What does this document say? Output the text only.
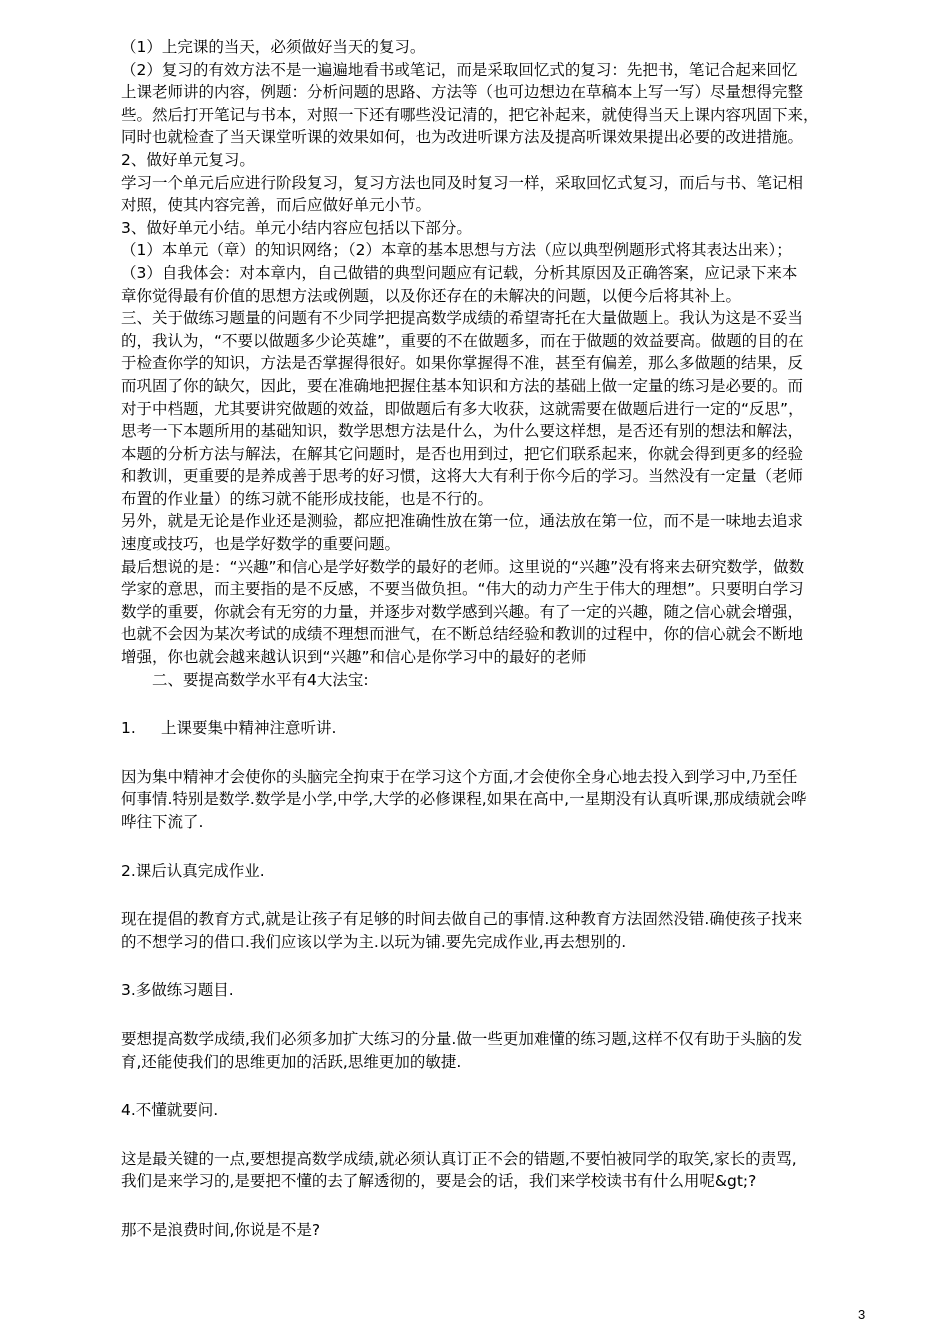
（1）上完课的当天，必须做好当天的复习。
（2）复习的有效方法不是一遍遍地看书或笔记，而是采取回忆式的复习：先把书，笔记合起来回忆
上课老师讲的内容，例题：分析问题的思路、方法等（也可边想边在草稿本上写一写）尽量想得完整
些。然后打开笔记与书本，对照一下还有哪些没记清的，把它补起来，就使得当天上课内容巩固下来，
同时也就检查了当天课堂听课的效果如何，也为改进听课方法及提高听课效果提出必要的改进措施。
2、做好单元复习。
学习一个单元后应进行阶段复习，复习方法也同及时复习一样，采取回忆式复习，而后与书、笔记相
对照，使其内容完善，而后应做好单元小节。
3、做好单元小结。单元小结内容应包括以下部分。
（1）本单元（章）的知识网络；（2）本章的基本思想与方法（应以典型例题形式将其表达出来）；
（3）自我体会：对本章内，自己做错的典型问题应有记载，分析其原因及正确答案，应记录下来本
章你觉得最有价值的思想方法或例题，以及你还存在的未解决的问题，以便今后将其补上。
三、关于做练习题量的问题有不少同学把提高数学成绩的希望寄托在大量做题上。我认为这是不妥当
的，我认为，“不要以做题多少论英雄”，重要的不在做题多，而在于做题的效益要高。做题的目的在
于检查你学的知识，方法是否掌握得很好。如果你掌握得不准，甚至有偏差，那么多做题的结果，反
而巩固了你的缺欠，因此，要在准确地把握住基本知识和方法的基础上做一定量的练习是必要的。而
对于中档题，尤其要讲究做题的效益，即做题后有多大收获，这就需要在做题后进行一定的“反思”，
思考一下本题所用的基础知识，数学思想方法是什么，为什么要这样想，是否还有别的想法和解法，
本题的分析方法与解法，在解其它问题时，是否也用到过，把它们联系起来，你就会得到更多的经验
和教训，更重要的是养成善于思考的好习惯，这将大大有利于你今后的学习。当然没有一定量（老师
布置的作业量）的练习就不能形成技能，也是不行的。
另外，就是无论是作业还是测验，都应把准确性放在第一位，通法放在第一位，而不是一味地去追求
速度或技巧，也是学好数学的重要问题。
最后想说的是：“兴趣”和信心是学好数学的最好的老师。这里说的“兴趣”没有将来去研究数学，做数
学家的意思，而主要指的是不反感，不要当做负担。“伟大的动力产生于伟大的理想”。只要明白学习
数学的重要，你就会有无穷的力量，并逐步对数学感到兴趣。有了一定的兴趣，随之信心就会增强，
也就不会因为某次考试的成绩不理想而泄气，在不断总结经验和教训的过程中，你的信心就会不断地
增强，你也就会越来越认识到“兴趣”和信心是你学习中的最好的老师
二、要提高数学水平有4大法宝:
1. 上课要集中精神注意听讲.
因为集中精神才会使你的头脑完全拘束于在学习这个方面,才会使你全身心地去投入到学习中,乃至任
何事情.特别是数学.数学是小学,中学,大学的必修课程,如果在高中,一星期没有认真听课,那成绩就会哗
哗往下流了.
2.课后认真完成作业.
现在提倡的教育方式,就是让孩子有足够的时间去做自己的事情.这种教育方法固然没错.确使孩子找来
的不想学习的借口.我们应该以学为主.以玩为铺.要先完成作业,再去想别的.
3.多做练习题目.
要想提高数学成绩,我们必须多加扩大练习的分量.做一些更加难懂的练习题,这样不仅有助于头脑的发
育,还能使我们的思维更加的活跃,思维更加的敏捷.
4.不懂就要问.
这是最关键的一点,要想提高数学成绩,就必须认真订正不会的错题,不要怕被同学的取笑,家长的责骂,
我们是来学习的,是要把不懂的去了解透彻的，要是会的话，我们来学校读书有什么用呢&gt;?
那不是浪费时间,你说是不是?
3
